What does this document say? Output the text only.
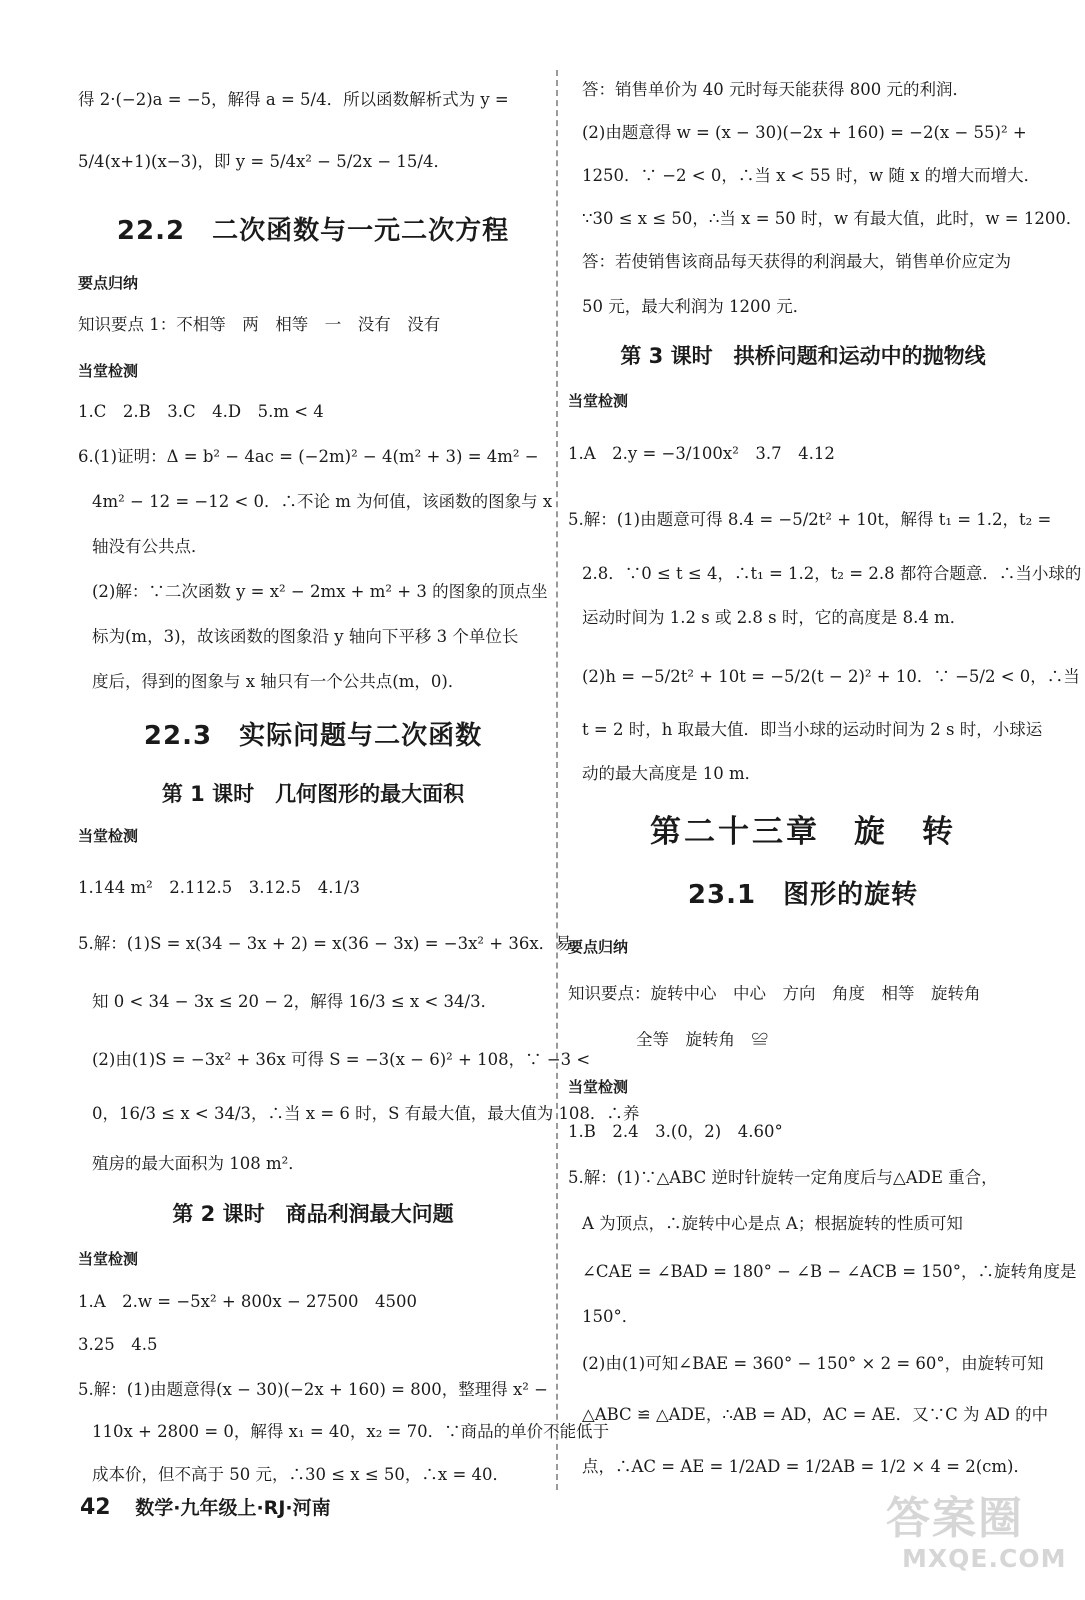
得 2·(−2)a = −5，解得 a = 5/4．所以函数解析式为 y =
5/4(x+1)(x−3)，即 y = 5/4x² − 5/2x − 15/4．
22.2　二次函数与一元二次方程
要点归纳
知识要点 1：不相等　两　相等　一　没有　没有
当堂检测
1.C　2.B　3.C　4.D　5.m < 4
6.(1)证明：Δ = b² − 4ac = (−2m)² − 4(m² + 3) = 4m² −
4m² − 12 = −12 < 0．∴不论 m 为何值，该函数的图象与 x
轴没有公共点．
(2)解：∵二次函数 y = x² − 2mx + m² + 3 的图象的顶点坐
标为(m，3)，故该函数的图象沿 y 轴向下平移 3 个单位长
度后，得到的图象与 x 轴只有一个公共点(m，0)．
22.3　实际问题与二次函数
第 1 课时　几何图形的最大面积
当堂检测
1.144 m²　2.112.5　3.12.5　4.1/3
5.解：(1)S = x(34 − 3x + 2) = x(36 − 3x) = −3x² + 36x．易
知 0 < 34 − 3x ≤ 20 − 2，解得 16/3 ≤ x < 34/3．
(2)由(1)S = −3x² + 36x 可得 S = −3(x − 6)² + 108，∵ −3 <
0，16/3 ≤ x < 34/3，∴当 x = 6 时，S 有最大值，最大值为 108．∴养
殖房的最大面积为 108 m²．
第 2 课时　商品利润最大问题
当堂检测
1.A　2.w = −5x² + 800x − 27500　4500
3.25　4.5
5.解：(1)由题意得(x − 30)(−2x + 160) = 800，整理得 x² −
110x + 2800 = 0，解得 x₁ = 40，x₂ = 70．∵商品的单价不能低于
成本价，但不高于 50 元，∴30 ≤ x ≤ 50，∴x = 40．
答：销售单价为 40 元时每天能获得 800 元的利润．
(2)由题意得 w = (x − 30)(−2x + 160) = −2(x − 55)² +
1250．∵ −2 < 0，∴当 x < 55 时，w 随 x 的增大而增大．
∵30 ≤ x ≤ 50，∴当 x = 50 时，w 有最大值，此时，w = 1200．
答：若使销售该商品每天获得的利润最大，销售单价应定为
50 元，最大利润为 1200 元．
第 3 课时　拱桥问题和运动中的抛物线
当堂检测
1.A　2.y = −3/100x²　3.7　4.12
5.解：(1)由题意可得 8.4 = −5/2t² + 10t，解得 t₁ = 1.2，t₂ =
2.8．∵0 ≤ t ≤ 4，∴t₁ = 1.2，t₂ = 2.8 都符合题意．∴当小球的
运动时间为 1.2 s 或 2.8 s 时，它的高度是 8.4 m．
(2)h = −5/2t² + 10t = −5/2(t − 2)² + 10．∵ −5/2 < 0，∴当
t = 2 时，h 取最大值．即当小球的运动时间为 2 s 时，小球运
动的最大高度是 10 m．
第二十三章　旋　转
23.1　图形的旋转
要点归纳
知识要点：旋转中心　中心　方向　角度　相等　旋转角
全等　旋转角　≌
当堂检测
1.B　2.4　3.(0，2)　4.60°
5.解：(1)∵△ABC 逆时针旋转一定角度后与△ADE 重合，
A 为顶点，∴旋转中心是点 A；根据旋转的性质可知
∠CAE = ∠BAD = 180° − ∠B − ∠ACB = 150°，∴旋转角度是
150°．
(2)由(1)可知∠BAE = 360° − 150° × 2 = 60°，由旋转可知
△ABC ≌ △ADE，∴AB = AD，AC = AE．又∵C 为 AD 的中
点，∴AC = AE = 1/2AD = 1/2AB = 1/2 × 4 = 2(cm)．
42 数学·九年级上·RJ·河南	答案圈
MXQE.COM
